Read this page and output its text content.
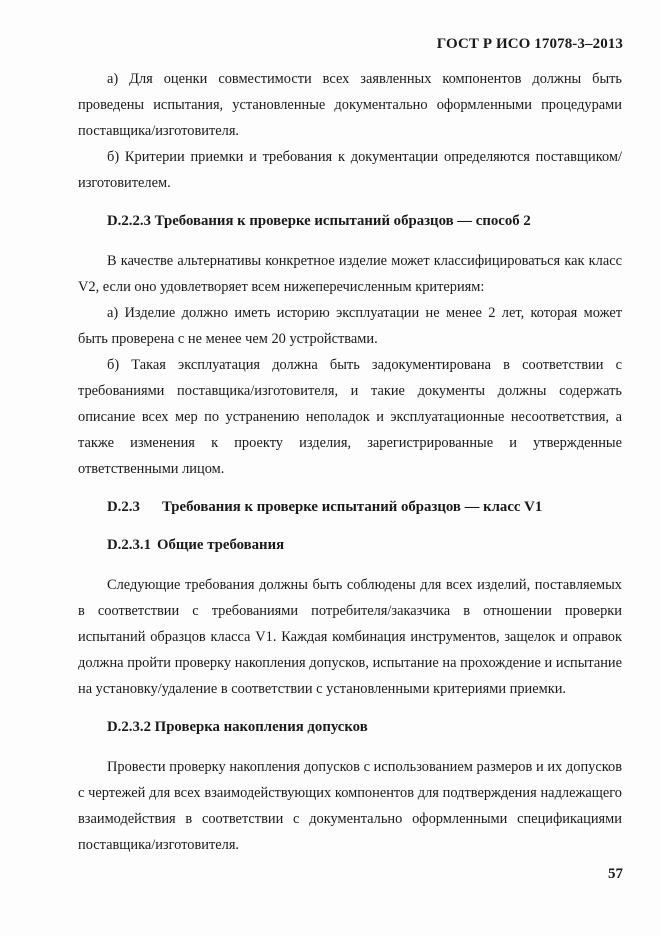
ГОСТ Р ИСО 17078-3–2013

а) Для оценки совместимости всех заявленных компонентов должны быть проведены испытания, установленные документально оформленными процедурами поставщика/изготовителя.

б) Критерии приемки и требования к документации определяются поставщиком/изготовителем.

D.2.2.3 Требования к проверке испытаний образцов — способ 2

В качестве альтернативы конкретное изделие может классифицироваться как класс V2, если оно удовлетворяет всем нижеперечисленным критериям:

а) Изделие должно иметь историю эксплуатации не менее 2 лет, которая может быть проверена с не менее чем 20 устройствами.

б) Такая эксплуатация должна быть задокументирована в соответствии с требованиями поставщика/изготовителя, и такие документы должны содержать описание всех мер по устранению неполадок и эксплуатационные несоответствия, а также изменения к проекту изделия, зарегистрированные и утвержденные ответственными лицом.

D.2.3 Требования к проверке испытаний образцов — класс V1

D.2.3.1 Общие требования

Следующие требования должны быть соблюдены для всех изделий, поставляемых в соответствии с требованиями потребителя/заказчика в отношении проверки испытаний образцов класса V1. Каждая комбинация инструментов, защелок и оправок должна пройти проверку накопления допусков, испытание на прохождение и испытание на установку/удаление в соответствии с установленными критериями приемки.

D.2.3.2 Проверка накопления допусков

Провести проверку накопления допусков с использованием размеров и их допусков с чертежей для всех взаимодействующих компонентов для подтверждения надлежащего взаимодействия в соответствии с документально оформленными спецификациями поставщика/изготовителя.

57
